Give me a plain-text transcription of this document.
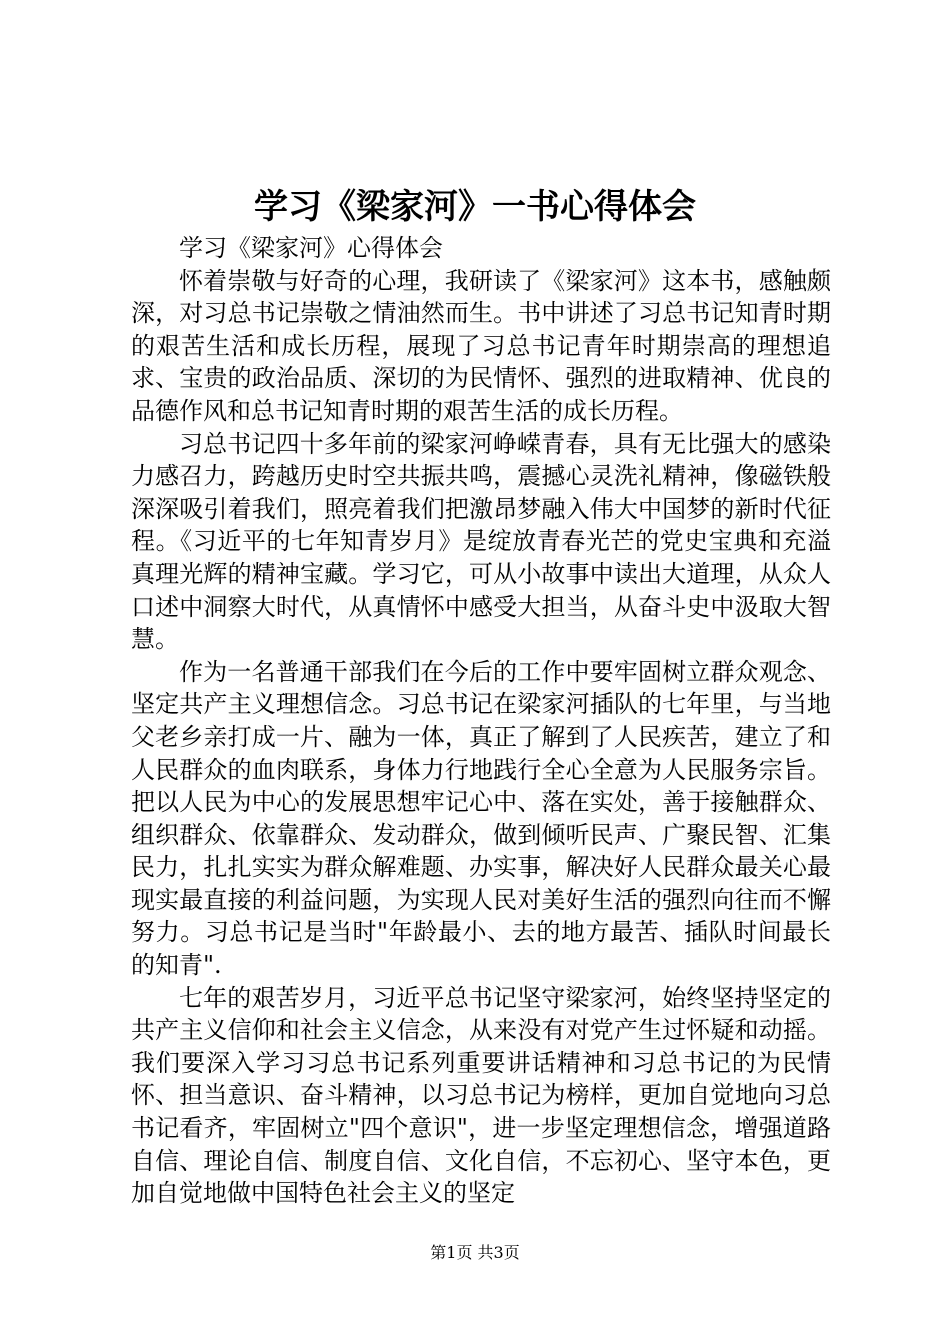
学习《梁家河》一书心得体会

学习《梁家河》心得体会

怀着崇敬与好奇的心理，我研读了《梁家河》这本书，感触颇深，对习总书记崇敬之情油然而生。书中讲述了习总书记知青时期的艰苦生活和成长历程，展现了习总书记青年时期崇高的理想追求、宝贵的政治品质、深切的为民情怀、强烈的进取精神、优良的品德作风和总书记知青时期的艰苦生活的成长历程。

习总书记四十多年前的梁家河峥嵘青春，具有无比强大的感染力感召力，跨越历史时空共振共鸣，震撼心灵洗礼精神，像磁铁般深深吸引着我们，照亮着我们把激昂梦融入伟大中国梦的新时代征程。《习近平的七年知青岁月》是绽放青春光芒的党史宝典和充溢真理光辉的精神宝藏。学习它，可从小故事中读出大道理，从众人口述中洞察大时代，从真情怀中感受大担当，从奋斗史中汲取大智慧。

作为一名普通干部我们在今后的工作中要牢固树立群众观念、坚定共产主义理想信念。习总书记在梁家河插队的七年里，与当地父老乡亲打成一片、融为一体，真正了解到了人民疾苦，建立了和人民群众的血肉联系，身体力行地践行全心全意为人民服务宗旨。把以人民为中心的发展思想牢记心中、落在实处，善于接触群众、组织群众、依靠群众、发动群众，做到倾听民声、广聚民智、汇集民力，扎扎实实为群众解难题、办实事，解决好人民群众最关心最现实最直接的利益问题，为实现人民对美好生活的强烈向往而不懈努力。习总书记是当时"年龄最小、去的地方最苦、插队时间最长的知青".

七年的艰苦岁月，习近平总书记坚守梁家河，始终坚持坚定的共产主义信仰和社会主义信念，从来没有对党产生过怀疑和动摇。我们要深入学习习总书记系列重要讲话精神和习总书记的为民情怀、担当意识、奋斗精神，以习总书记为榜样，更加自觉地向习总书记看齐，牢固树立"四个意识"，进一步坚定理想信念，增强道路自信、理论自信、制度自信、文化自信，不忘初心、坚守本色，更加自觉地做中国特色社会主义的坚定

第1页 共3页
